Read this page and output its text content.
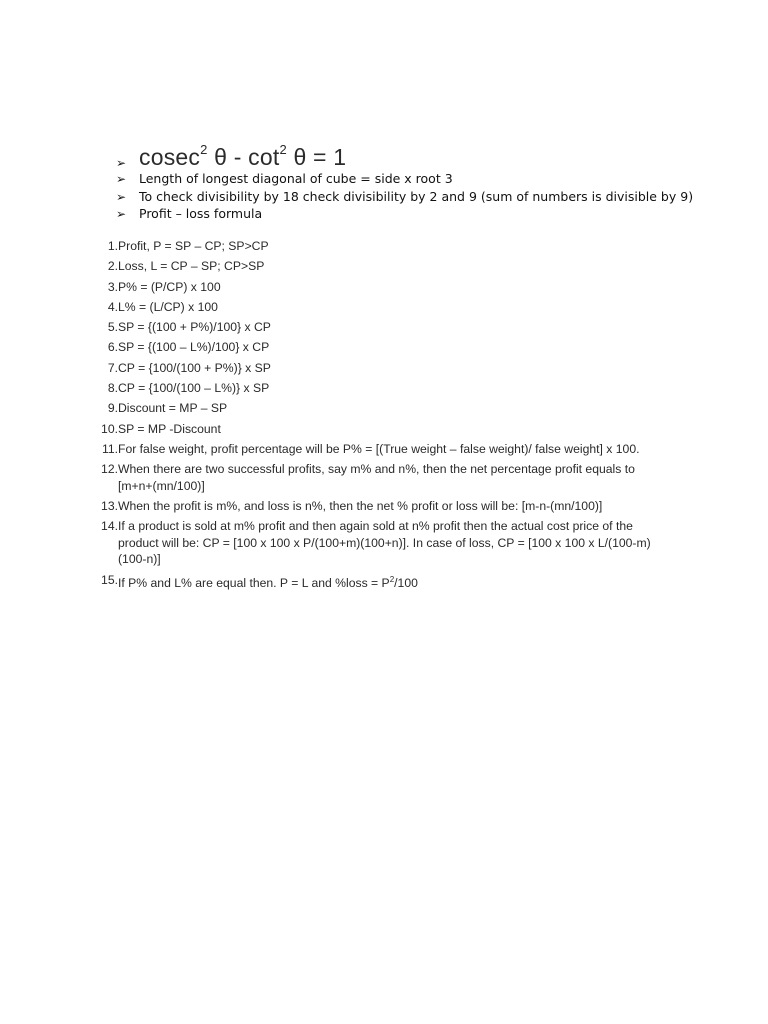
➢ cosec$^2$ $\theta - \cot^2 \theta = 1$
➢	Length of longest diagonal of cube = side x root 3
➢	To check divisibility by 18 check divisibility by 2 and 9 (sum of numbers is divisible by 9)
➢	Profit – loss formula
1. Profit, P = SP – CP; SP>CP
2. Loss, L = CP – SP; CP>SP
3. P% = (P/CP) x 100
4. L% = (L/CP) x 100
5. SP = {(100 + P%)/100} x CP
6. SP = {(100 – L%)/100} x CP
7. CP = {100/(100 + P%)} x SP
8. CP = {100/(100 – L%)} x SP
9. Discount = MP – SP
10. SP = MP -Discount
11. For false weight, profit percentage will be P% = [(True weight – false weight)/ false weight] x 100.
12. When there are two successful profits, say m% and n%, then the net percentage profit equals to [m+n+(mn/100)]
13. When the profit is m%, and loss is n%, then the net % profit or loss will be: [m-n-(mn/100)]
14. If a product is sold at m% profit and then again sold at n% profit then the actual cost price of the product will be: CP = [100 x 100 x P/(100+m)(100+n)]. In case of loss, CP = [100 x 100 x L/(100-m)(100-n)]
15. If P% and L% are equal then. P = L and %loss = $P^2/100$
